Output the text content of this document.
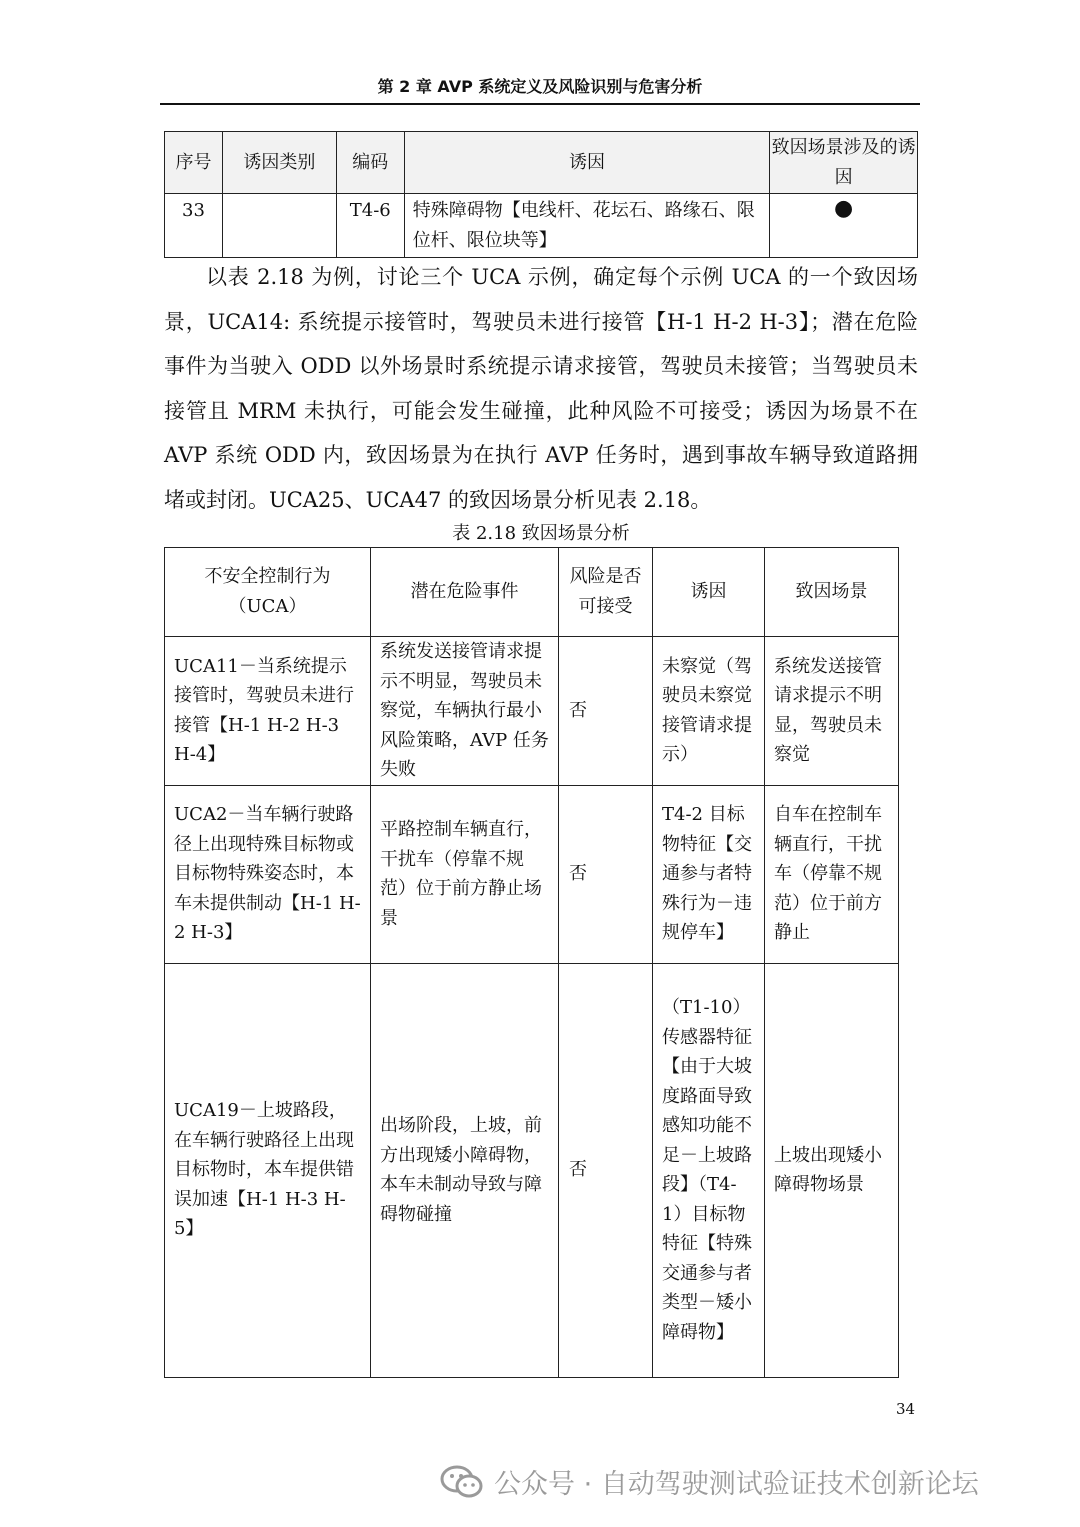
第 2 章 AVP 系统定义及风险识别与危害分析
序号	诱因类别	编码	诱因	致因场景涉及的诱因
33		T4-6	特殊障碍物【电线杆、花坛石、路缘石、限位杆、限位块等】	●

以表 2.18 为例，讨论三个 UCA 示例，确定每个示例 UCA 的一个致因场景，UCA14: 系统提示接管时，驾驶员未进行接管【H-1 H-2 H-3】；潜在危险事件为当驶入 ODD 以外场景时系统提示请求接管，驾驶员未接管；当驾驶员未接管且 MRM 未执行，可能会发生碰撞，此种风险不可接受；诱因为场景不在 AVP 系统 ODD 内，致因场景为在执行 AVP 任务时，遇到事故车辆导致道路拥堵或封闭。UCA25、UCA47 的致因场景分析见表 2.18。

表 2.18 致因场景分析
不安全控制行为（UCA）	潜在危险事件	风险是否可接受	诱因	致因场景
UCA11－当系统提示接管时，驾驶员未进行接管【H-1 H-2 H-3 H-4】	系统发送接管请求提示不明显，驾驶员未察觉，车辆执行最小风险策略，AVP 任务失败	否	未察觉（驾驶员未察觉接管请求提示）	系统发送接管请求提示不明显，驾驶员未察觉
UCA2－当车辆行驶路径上出现特殊目标物或目标物特殊姿态时，本车未提供制动【H-1 H-2 H-3】	平路控制车辆直行，干扰车（停靠不规范）位于前方静止场景	否	T4-2 目标物特征【交通参与者特殊行为－违规停车】	自车在控制车辆直行，干扰车（停靠不规范）位于前方静止
UCA19－上坡路段，在车辆行驶路径上出现目标物时，本车提供错误加速【H-1 H-3 H-5】	出场阶段，上坡，前方出现矮小障碍物，本车未制动导致与障碍物碰撞	否	（T1-10）传感器特征【由于大坡度路面导致感知功能不足－上坡路段】（T4-1）目标物特征【特殊交通参与者类型－矮小障碍物】	上坡出现矮小障碍物场景
34
公众号 · 自动驾驶测试验证技术创新论坛
